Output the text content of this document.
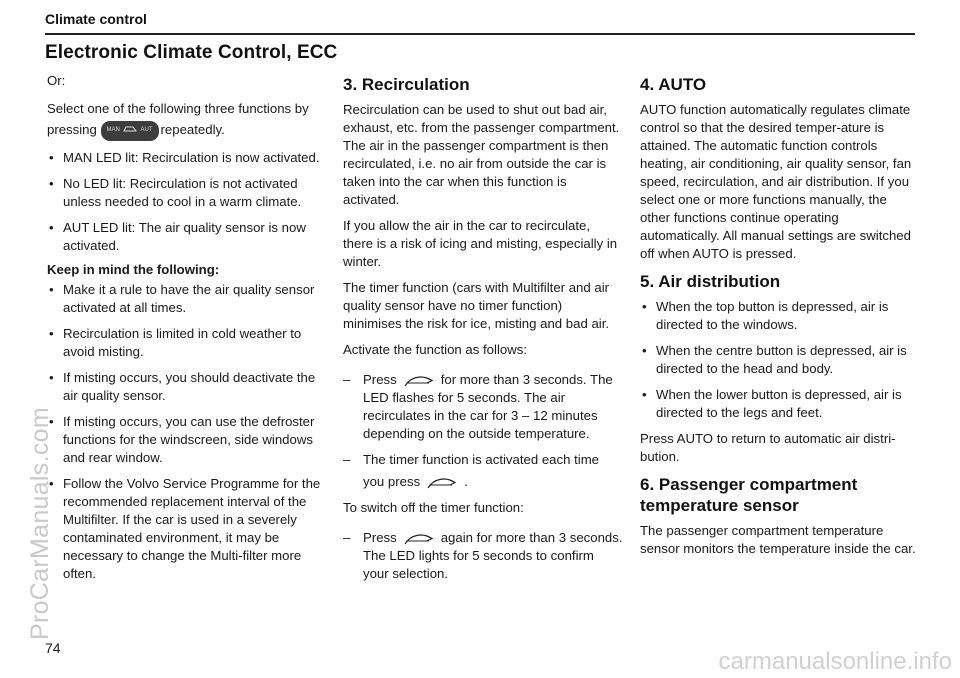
Climate control
Electronic Climate Control, ECC

Or:

Select one of the following three functions by
pressing MAN	AUT repeatedly.

• MAN LED lit: Recirculation is now activated.
• No LED lit: Recirculation is not activated unless needed to cool in a warm climate.
• AUT LED lit: The air quality sensor is now activated.
Keep in mind the following:
• Make it a rule to have the air quality sensor activated at all times.
• Recirculation is limited in cold weather to avoid misting.
• If misting occurs, you should deactivate the air quality sensor.
• If misting occurs, you can use the defroster functions for the windscreen, side windows and rear window.
• Follow the Volvo Service Programme for the recommended replacement interval of the Multifilter. If the car is used in a severely contaminated environment, it may be necessary to change the Multi-filter more often.
3. Recirculation

Recirculation can be used to shut out bad air, exhaust, etc. from the passenger compartment. The air in the passenger compartment is then recirculated, i.e. no air from outside the car is taken into the car when this function is activated.

If you allow the air in the car to recirculate, there is a risk of icing and misting, especially in winter.

The timer function (cars with Multifilter and air quality sensor have no timer function) minimises the risk for ice, misting and bad air.

Activate the function as follows:

– Press	for more than 3 seconds. The LED flashes for 5 seconds. The air recirculates in the car for 3 – 12 minutes depending on the outside temperature.
– The timer function is activated each time you press	.

To switch off the timer function:

– Press	again for more than 3 seconds. The LED lights for 5 seconds to confirm your selection.
4. AUTO

AUTO function automatically regulates climate control so that the desired temper-ature is attained. The automatic function controls heating, air conditioning, air quality sensor, fan speed, recirculation, and air distribution. If you select one or more functions manually, the other functions continue operating automatically. All manual settings are switched off when AUTO is pressed.

5. Air distribution
• When the top button is depressed, air is directed to the windows.
• When the centre button is depressed, air is directed to the head and body.
• When the lower button is depressed, air is directed to the legs and feet.

Press AUTO to return to automatic air distri-bution.

6. Passenger compartment temperature sensor

The passenger compartment temperature sensor monitors the temperature inside the car.

74
ProCarManuals.com
carmanualsonline.info
